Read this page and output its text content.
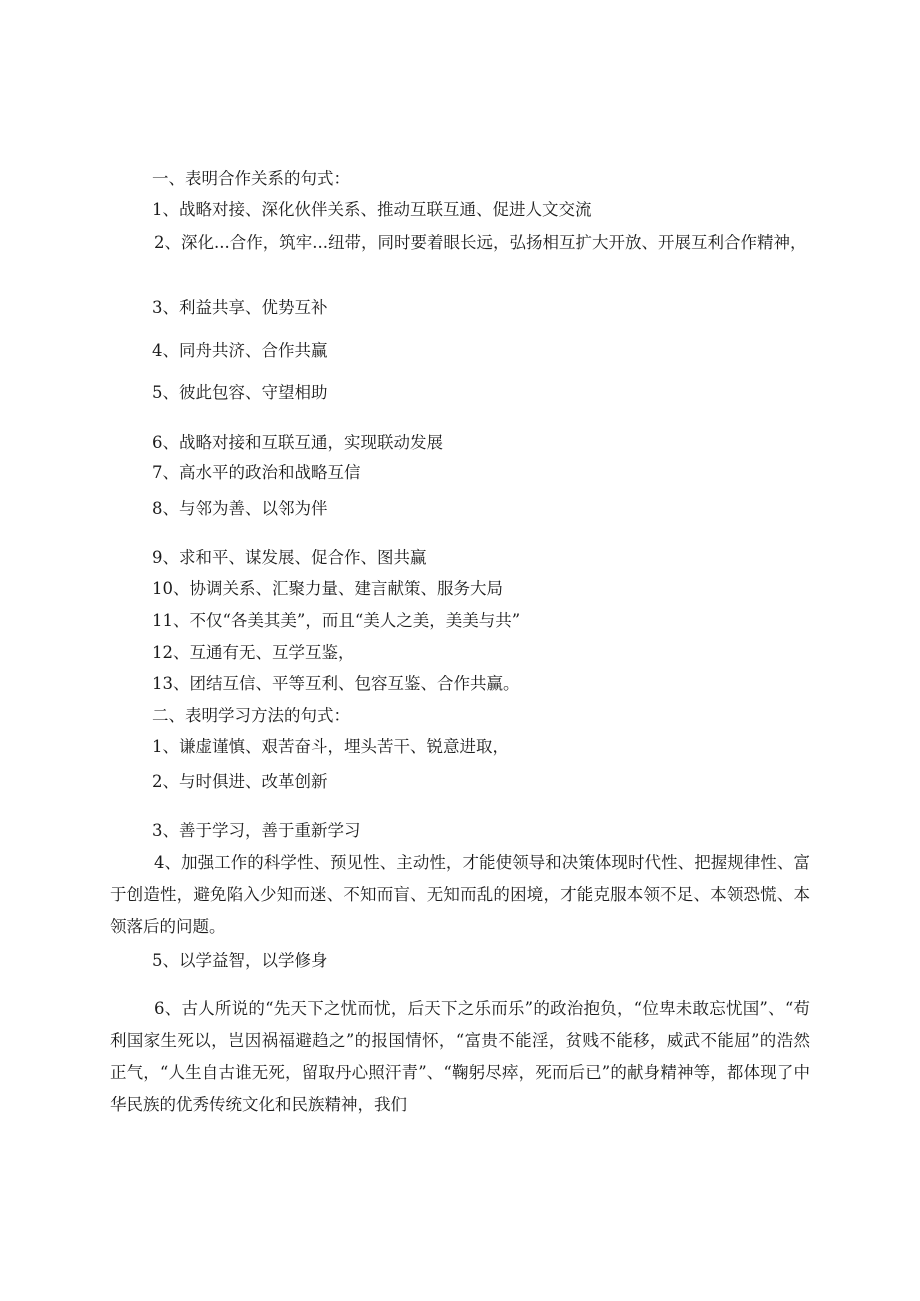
一、表明合作关系的句式：
1、战略对接、深化伙伴关系、推动互联互通、促进人文交流
2、深化...合作，筑牢...纽带，同时要着眼长远，弘扬相互扩大开放、开展互利合作精神，
3、利益共享、优势互补
4、同舟共济、合作共赢
5、彼此包容、守望相助
6、战略对接和互联互通，实现联动发展
7、高水平的政治和战略互信
8、与邻为善、以邻为伴
9、求和平、谋发展、促合作、图共赢
10、协调关系、汇聚力量、建言献策、服务大局
11、不仅“各美其美”，而且“美人之美，美美与共”
12、互通有无、互学互鉴，
13、团结互信、平等互利、包容互鉴、合作共赢。
二、表明学习方法的句式：
1、谦虚谨慎、艰苦奋斗，埋头苦干、锐意进取，
2、与时俱进、改革创新
3、善于学习，善于重新学习
4、加强工作的科学性、预见性、主动性，才能使领导和决策体现时代性、把握规律性、富于创造性，避免陷入少知而迷、不知而盲、无知而乱的困境，才能克服本领不足、本领恐慌、本领落后的问题。
5、以学益智，以学修身
6、古人所说的“先天下之忧而忧，后天下之乐而乐”的政治抱负，“位卑未敢忘忧国”、“苟利国家生死以，岂因祸福避趋之”的报国情怀，“富贵不能淫，贫贱不能移，威武不能屈”的浩然正气，“人生自古谁无死，留取丹心照汗青”、“鞠躬尽瘁，死而后已”的献身精神等，都体现了中华民族的优秀传统文化和民族精神，我们
